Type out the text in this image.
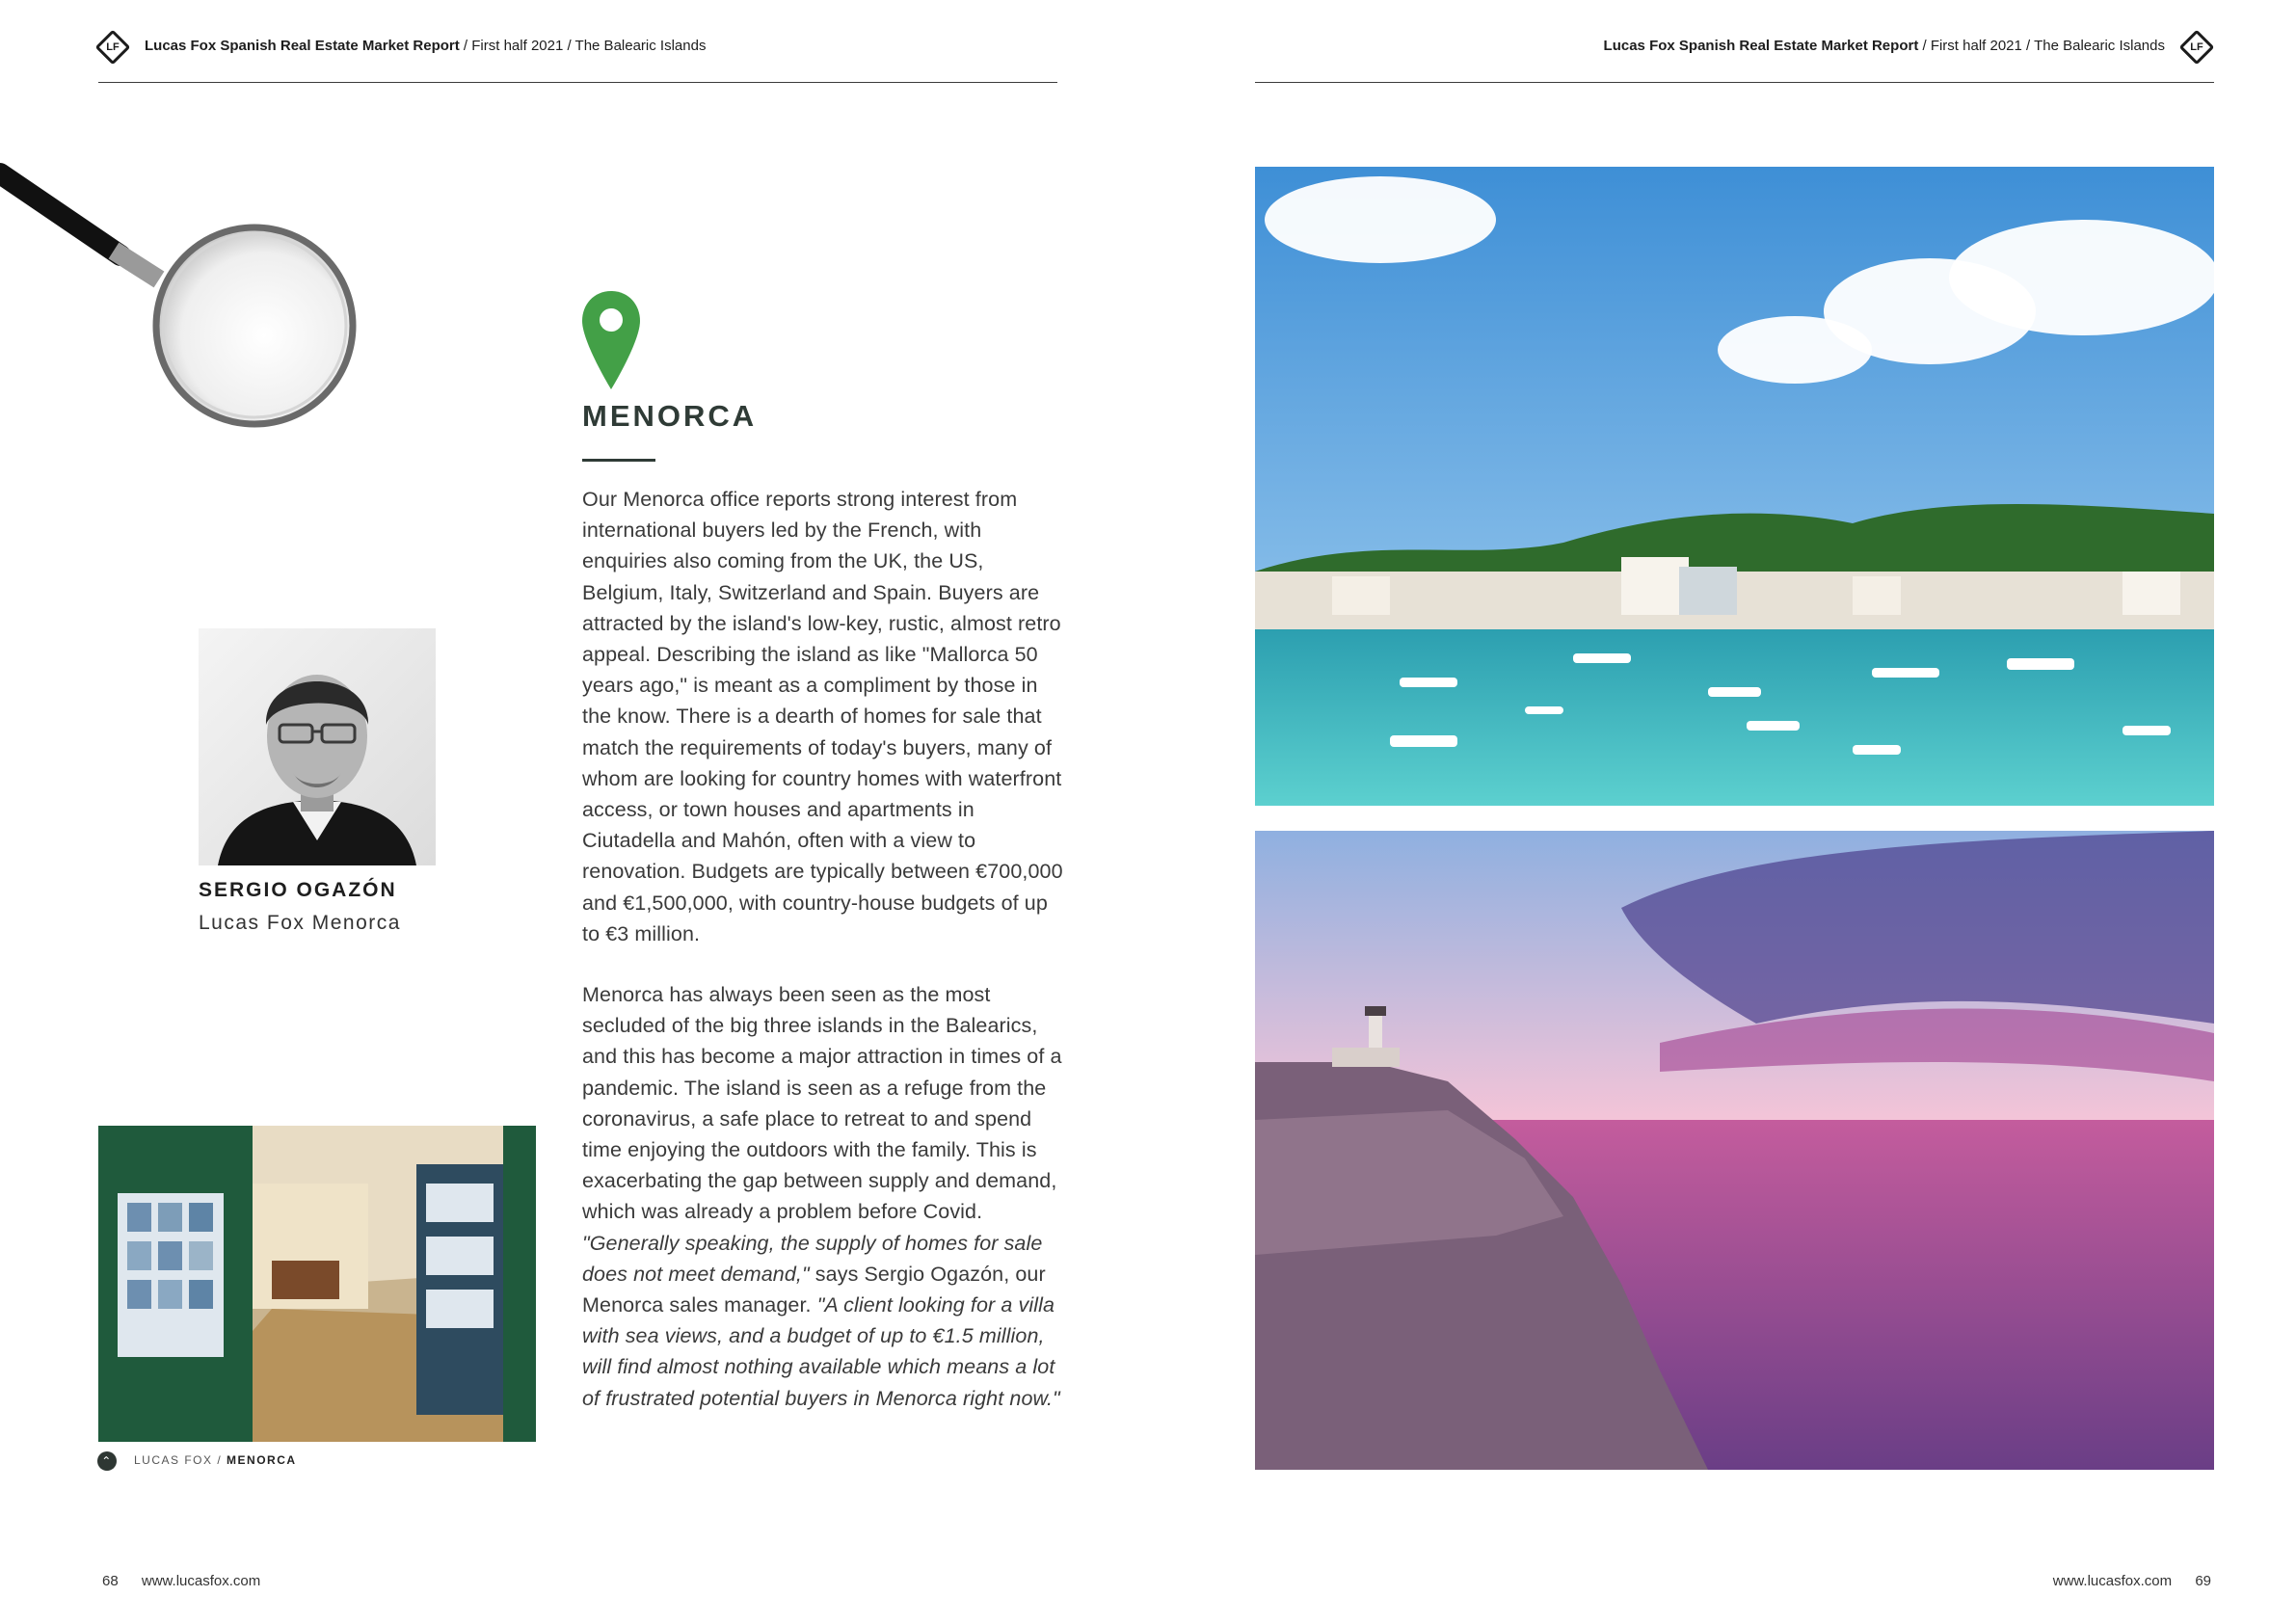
LF Lucas Fox Spanish Real Estate Market Report / First half 2021 / The Balearic Islands	Lucas Fox Spanish Real Estate Market Report / First half 2021 / The Balearic Islands LF
MENORCA

Our Menorca office reports strong interest from international buyers led by the French, with enquiries also coming from the UK, the US, Belgium, Italy, Switzerland and Spain. Buyers are attracted by the island's low-key, rustic, almost retro appeal. Describing the island as like "Mallorca 50 years ago," is meant as a compliment by those in the know. There is a dearth of homes for sale that match the requirements of today's buyers, many of whom are looking for country homes with waterfront access, or town houses and apartments in Ciutadella and Mahón, often with a view to renovation. Budgets are typically between €700,000 and €1,500,000, with country-house budgets of up to €3 million.

Menorca has always been seen as the most secluded of the big three islands in the Balearics, and this has become a major attraction in times of a pandemic. The island is seen as a refuge from the coronavirus, a safe place to retreat to and spend time enjoying the outdoors with the family. This is exacerbating the gap between supply and demand, which was already a problem before Covid. "Generally speaking, the supply of homes for sale does not meet demand," says Sergio Ogazón, our Menorca sales manager. "A client looking for a villa with sea views, and a budget of up to €1.5 million, will find almost nothing available which means a lot of frustrated potential buyers in Menorca right now."

SERGIO OGAZÓN
Lucas Fox Menorca
⌃	LUCAS FOX / MENORCA
68 www.lucasfox.com	www.lucasfox.com 69
